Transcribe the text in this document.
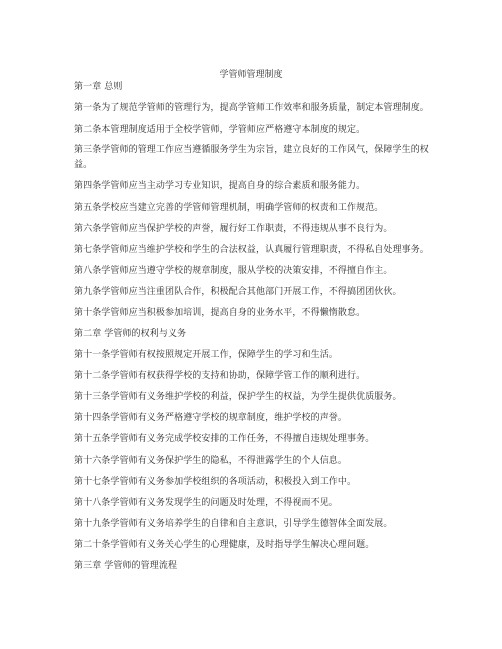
学管师管理制度
第一章 总则
第一条为了规范学管师的管理行为，提高学管师工作效率和服务质量，制定本管理制度。
第二条本管理制度适用于全校学管师，学管师应严格遵守本制度的规定。
第三条学管师的管理工作应当遵循服务学生为宗旨，建立良好的工作风气，保障学生的权益。
第四条学管师应当主动学习专业知识，提高自身的综合素质和服务能力。
第五条学校应当建立完善的学管师管理机制，明确学管师的权责和工作规范。
第六条学管师应当保护学校的声誉，履行好工作职责，不得违规从事不良行为。
第七条学管师应当维护学校和学生的合法权益，认真履行管理职责，不得私自处理事务。
第八条学管师应当遵守学校的规章制度，服从学校的决策安排，不得擅自作主。
第九条学管师应当注重团队合作，积极配合其他部门开展工作，不得搞团团伙伙。
第十条学管师应当积极参加培训，提高自身的业务水平，不得懒惰散怠。
第二章 学管师的权利与义务
第十一条学管师有权按照规定开展工作，保障学生的学习和生活。
第十二条学管师有权获得学校的支持和协助，保障学管工作的顺利进行。
第十三条学管师有义务维护学校的利益，保护学生的权益，为学生提供优质服务。
第十四条学管师有义务严格遵守学校的规章制度，维护学校的声誉。
第十五条学管师有义务完成学校安排的工作任务，不得擅自违规处理事务。
第十六条学管师有义务保护学生的隐私，不得泄露学生的个人信息。
第十七条学管师有义务参加学校组织的各项活动，积极投入到工作中。
第十八条学管师有义务发现学生的问题及时处理，不得视而不见。
第十九条学管师有义务培养学生的自律和自主意识，引导学生德智体全面发展。
第二十条学管师有义务关心学生的心理健康，及时指导学生解决心理问题。
第三章 学管师的管理流程
